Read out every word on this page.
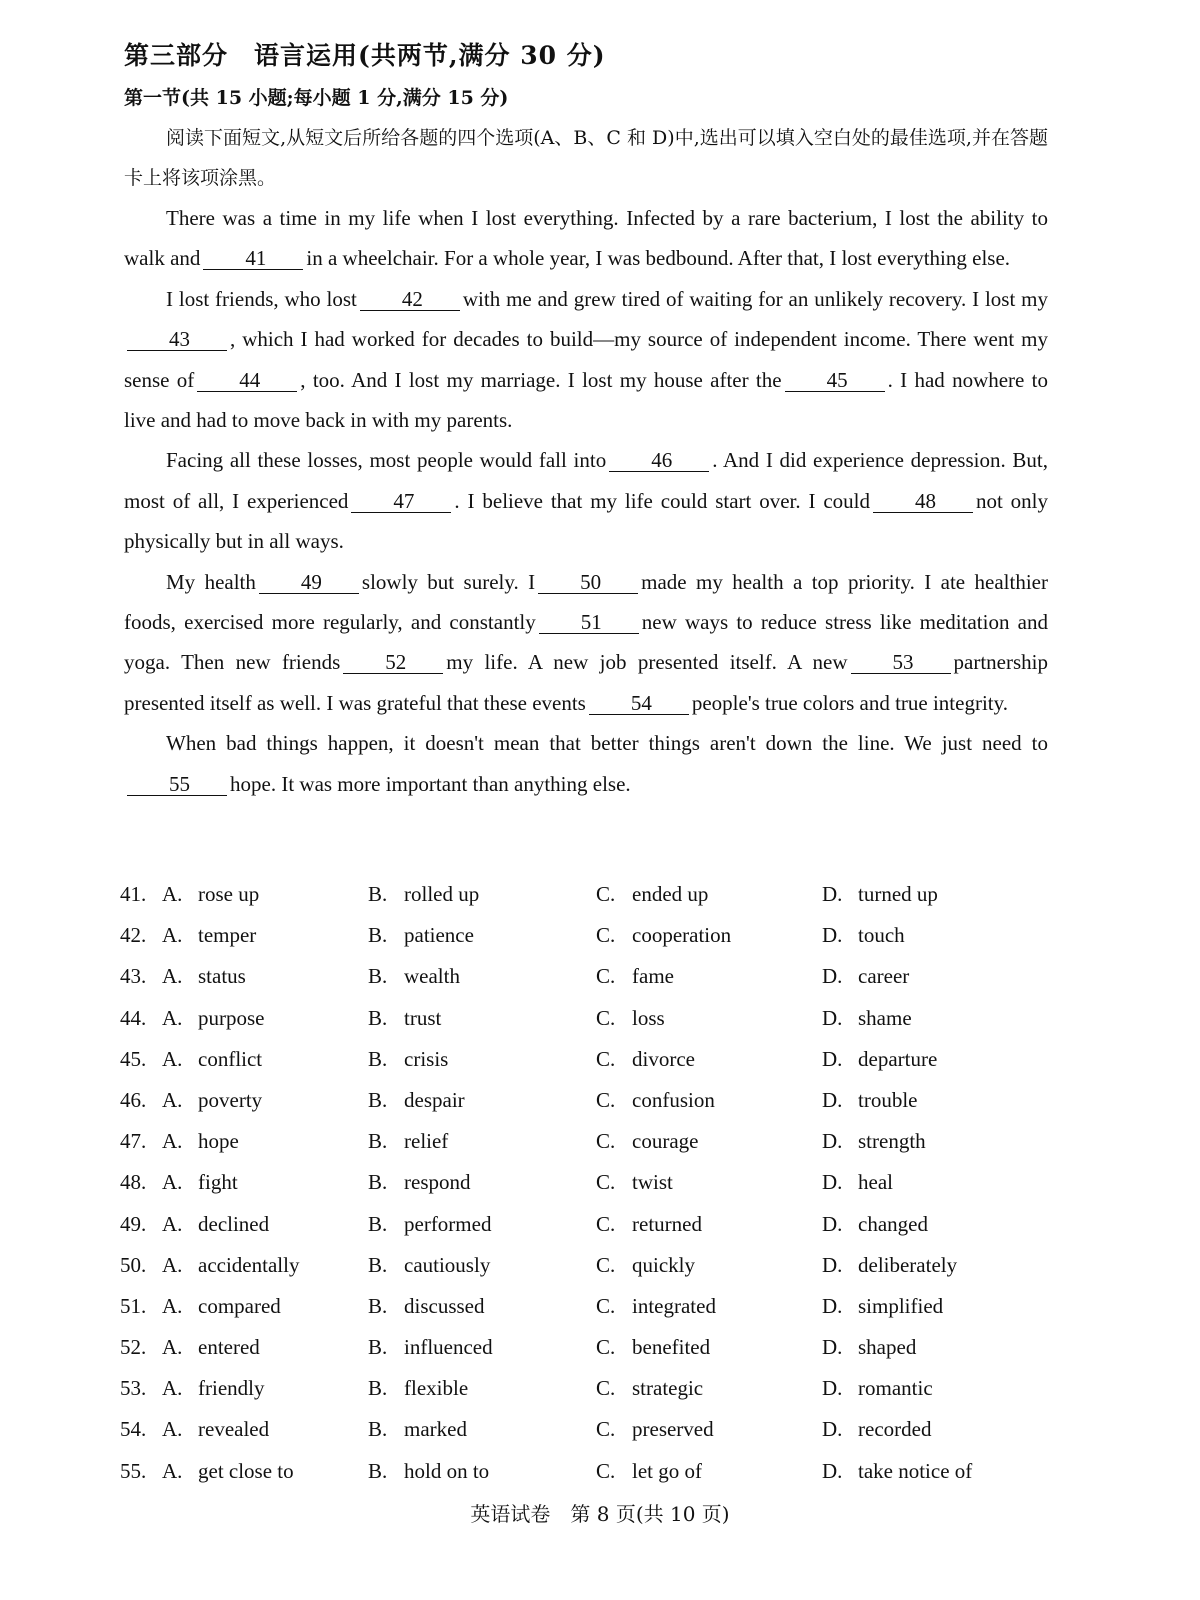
第三部分　语言运用(共两节,满分 30 分)
第一节(共 15 小题;每小题 1 分,满分 15 分)

阅读下面短文,从短文后所给各题的四个选项(A、B、C 和 D)中,选出可以填入空白处的最佳选项,并在答题卡上将该项涂黑。

There was a time in my life when I lost everything. Infected by a rare bacterium, I lost the ability to walk and 41 in a wheelchair. For a whole year, I was bedbound. After that, I lost everything else.

I lost friends, who lost 42 with me and grew tired of waiting for an unlikely recovery. I lost my43 , which I had worked for decades to build—my source of independent income. There went my sense of 44 , too. And I lost my marriage. I lost my house after the 45 . I had nowhere to live and had to move back in with my parents.

Facing all these losses, most people would fall into 46 . And I did experience depression. But, most of all, I experienced 47 . I believe that my life could start over. I could 48 not only physically but in all ways.

My health 49 slowly but surely. I 50 made my health a top priority. I ate healthier foods, exercised more regularly, and constantly 51 new ways to reduce stress like meditation and yoga. Then new friends 52 my life. A new job presented itself. A new 53 partnership presented itself as well. I was grateful that these events 54 people's true colors and true integrity.

When bad things happen, it doesn't mean that better things aren't down the line. We just need to55 hope. It was more important than anything else.

41. A. rose up	B. rolled up	C. ended up	D. turned up
42. A. temper	B. patience	C. cooperation	D. touch
43. A. status	B. wealth	C. fame	D. career
44. A. purpose	B. trust	C. loss	D. shame
45. A. conflict	B. crisis	C. divorce	D. departure
46. A. poverty	B. despair	C. confusion	D. trouble
47. A. hope	B. relief	C. courage	D. strength
48. A. fight	B. respond	C. twist	D. heal
49. A. declined	B. performed	C. returned	D. changed
50. A. accidentally	B. cautiously	C. quickly	D. deliberately
51. A. compared	B. discussed	C. integrated	D. simplified
52. A. entered	B. influenced	C. benefited	D. shaped
53. A. friendly	B. flexible	C. strategic	D. romantic
54. A. revealed	B. marked	C. preserved	D. recorded
55. A. get close to	B. hold on to	C. let go of	D. take notice of
英语试卷　第 8 页(共 10 页)
